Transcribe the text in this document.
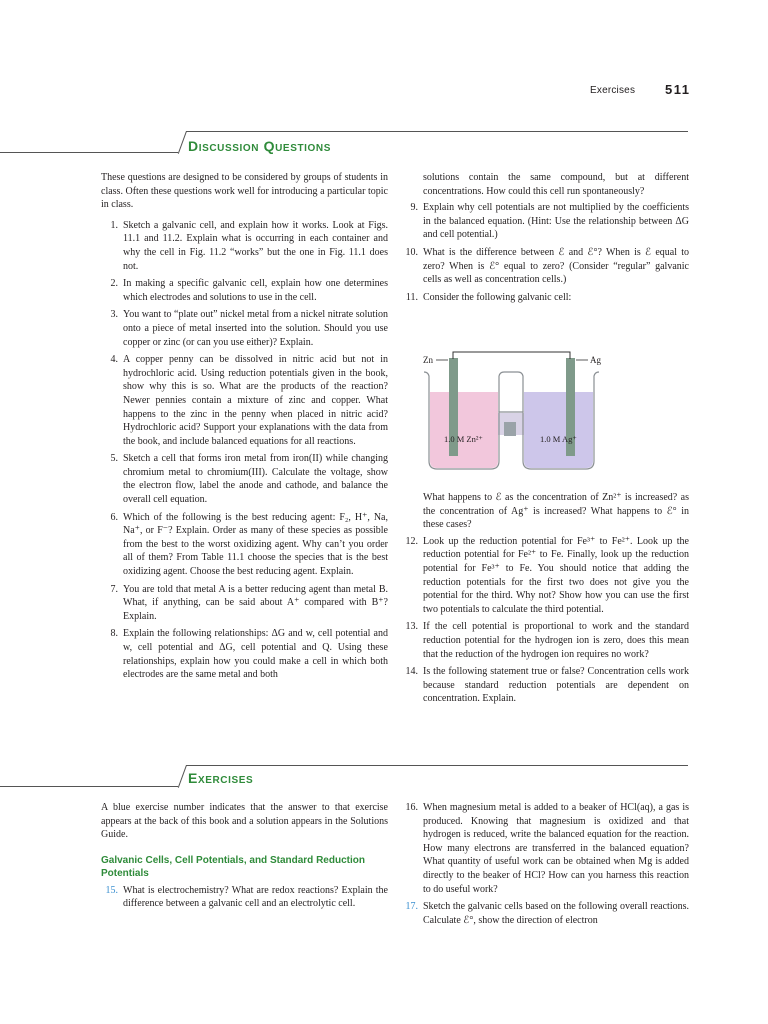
Exercises 511
Discussion Questions

These questions are designed to be considered by groups of students in class. Often these questions work well for introducing a particular topic in class.

1. Sketch a galvanic cell, and explain how it works. Look at Figs. 11.1 and 11.2. Explain what is occurring in each container and why the cell in Fig. 11.2 “works” but the one in Fig. 11.1 does not.
2. In making a specific galvanic cell, explain how one determines which electrodes and solutions to use in the cell.
3. You want to “plate out” nickel metal from a nickel nitrate solution onto a piece of metal inserted into the solution. Should you use copper or zinc (or can you use either)? Explain.
4. A copper penny can be dissolved in nitric acid but not in hydrochloric acid. Using reduction potentials given in the book, show why this is so. What are the products of the reaction? Newer pennies contain a mixture of zinc and copper. What happens to the zinc in the penny when placed in nitric acid? Hydrochloric acid? Support your explanations with the data from the book, and include balanced equations for all reactions.
5. Sketch a cell that forms iron metal from iron(II) while changing chromium metal to chromium(III). Calculate the voltage, show the electron flow, label the anode and cathode, and balance the overall cell equation.
6. Which of the following is the best reducing agent: F₂, H⁺, Na, Na⁺, or F⁻? Explain. Order as many of these species as possible from the best to the worst oxidizing agent. Why can’t you order all of them? From Table 11.1 choose the species that is the best oxidizing agent. Choose the best reducing agent. Explain.
7. You are told that metal A is a better reducing agent than metal B. What, if anything, can be said about A⁺ compared with B⁺? Explain.
8. Explain the following relationships: ΔG and w, cell potential and w, cell potential and ΔG, cell potential and Q. Using these relationships, explain how you could make a cell in which both electrodes are the same metal and both

solutions contain the same compound, but at different concentrations. How could this cell run spontaneously?

9. Explain why cell potentials are not multiplied by the coefficients in the balanced equation. (Hint: Use the relationship between ΔG and cell potential.)
10. What is the difference between ℰ and ℰ°? When is ℰ equal to zero? When is ℰ° equal to zero? (Consider “regular” galvanic cells as well as concentration cells.)
11. Consider the following galvanic cell:
Zn	Ag
1.0 M Zn²⁺	1.0 M Ag⁺

What happens to ℰ as the concentration of Zn²⁺ is increased? as the concentration of Ag⁺ is increased? What happens to ℰ° in these cases?

12. Look up the reduction potential for Fe³⁺ to Fe²⁺. Look up the reduction potential for Fe²⁺ to Fe. Finally, look up the reduction potential for Fe³⁺ to Fe. You should notice that adding the reduction potentials for the first two does not give you the potential for the third. Why not? Show how you can use the first two potentials to calculate the third potential.
13. If the cell potential is proportional to work and the standard reduction potential for the hydrogen ion is zero, does this mean that the reduction of the hydrogen ion requires no work?
14. Is the following statement true or false? Concentration cells work because standard reduction potentials are dependent on concentration. Explain.
Exercises

A blue exercise number indicates that the answer to that exercise appears at the back of this book and a solution appears in the Solutions Guide.

Galvanic Cells, Cell Potentials, and Standard Reduction Potentials
15. What is electrochemistry? What are redox reactions? Explain the difference between a galvanic cell and an electrolytic cell.
16. When magnesium metal is added to a beaker of HCl(aq), a gas is produced. Knowing that magnesium is oxidized and that hydrogen is reduced, write the balanced equation for the reaction. How many electrons are transferred in the balanced equation? What quantity of useful work can be obtained when Mg is added directly to the beaker of HCl? How can you harness this reaction to do useful work?
17. Sketch the galvanic cells based on the following overall reactions. Calculate ℰ°, show the direction of electron
